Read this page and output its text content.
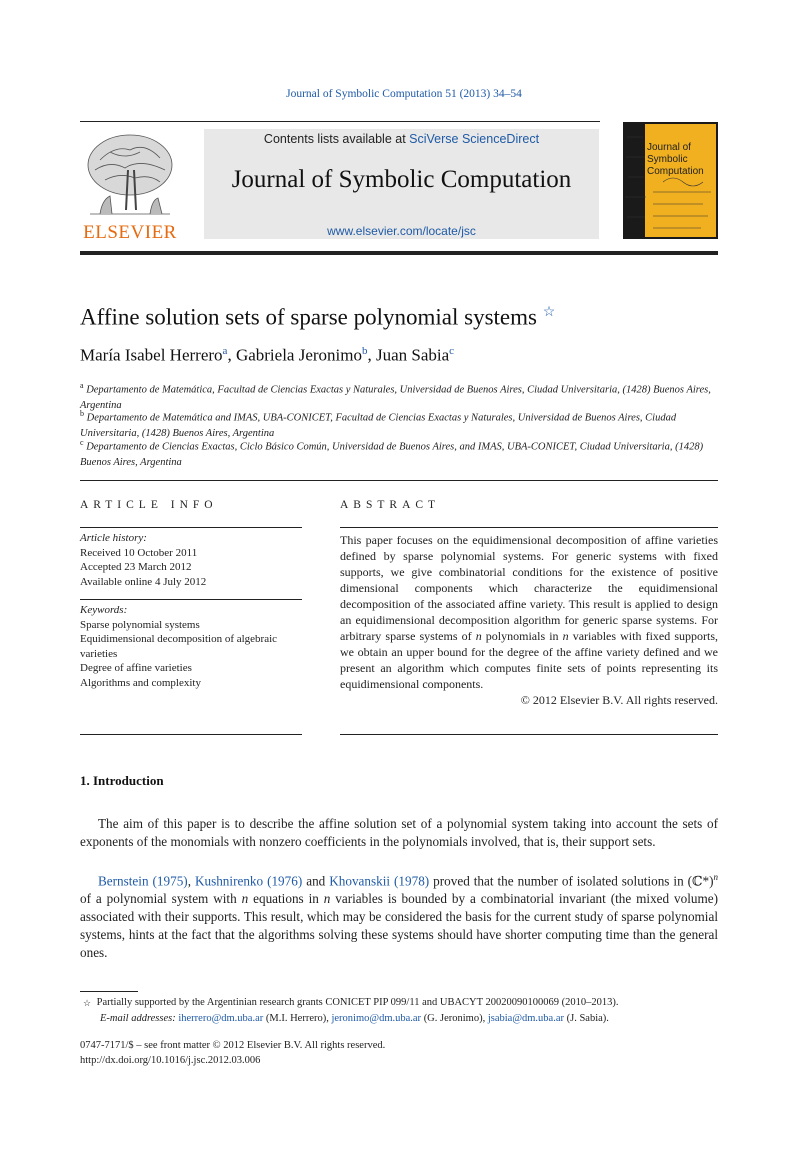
Journal of Symbolic Computation 51 (2013) 34–54
ELSEVIER
Contents lists available at SciVerse ScienceDirect
Journal of Symbolic Computation
www.elsevier.com/locate/jsc
Journal of
Symbolic
Computation
Affine solution sets of sparse polynomial systems ☆
María Isabel Herrero$^a$, Gabriela Jeronimo$^b$, Juan Sabia$^c$
$^a$ Departamento de Matemática, Facultad de Ciencias Exactas y Naturales, Universidad de Buenos Aires, Ciudad Universitaria, (1428) Buenos Aires, Argentina
$^b$ Departamento de Matemática and IMAS, UBA-CONICET, Facultad de Ciencias Exactas y Naturales, Universidad de Buenos Aires, Ciudad Universitaria, (1428) Buenos Aires, Argentina
$^c$ Departamento de Ciencias Exactas, Ciclo Básico Común, Universidad de Buenos Aires, and IMAS, UBA-CONICET, Ciudad Universitaria, (1428) Buenos Aires, Argentina
ARTICLE INFO
Article history:
Received 10 October 2011
Accepted 23 March 2012
Available online 4 July 2012
Keywords:
Sparse polynomial systems
Equidimensional decomposition of algebraic varieties
Degree of affine varieties
Algorithms and complexity
ABSTRACT
This paper focuses on the equidimensional decomposition of affine varieties defined by sparse polynomial systems. For generic systems with fixed supports, we give combinatorial conditions for the existence of positive dimensional components which characterize the equidimensional decomposition of the associated affine variety. This result is applied to design an equidimensional decomposition algorithm for generic sparse systems. For arbitrary sparse systems of n polynomials in n variables with fixed supports, we obtain an upper bound for the degree of the affine variety defined and we present an algorithm which computes finite sets of points representing its equidimensional components.
© 2012 Elsevier B.V. All rights reserved.
1. Introduction
The aim of this paper is to describe the affine solution set of a polynomial system taking into account the sets of exponents of the monomials with nonzero coefficients in the polynomials involved, that is, their support sets.
Bernstein (1975), Kushnirenko (1976) and Khovanskii (1978) proved that the number of isolated solutions in (ℂ*)$^n$ of a polynomial system with n equations in n variables is bounded by a combinatorial invariant (the mixed volume) associated with their supports. This result, which may be considered the basis for the current study of sparse polynomial systems, hints at the fact that the algorithms solving these systems should have shorter computing time than the general ones.
☆ Partially supported by the Argentinian research grants CONICET PIP 099/11 and UBACYT 20020090100069 (2010–2013).
E-mail addresses: iherrero@dm.uba.ar (M.I. Herrero), jeronimo@dm.uba.ar (G. Jeronimo), jsabia@dm.uba.ar (J. Sabia).
0747-7171/$ – see front matter © 2012 Elsevier B.V. All rights reserved.
http://dx.doi.org/10.1016/j.jsc.2012.03.006
